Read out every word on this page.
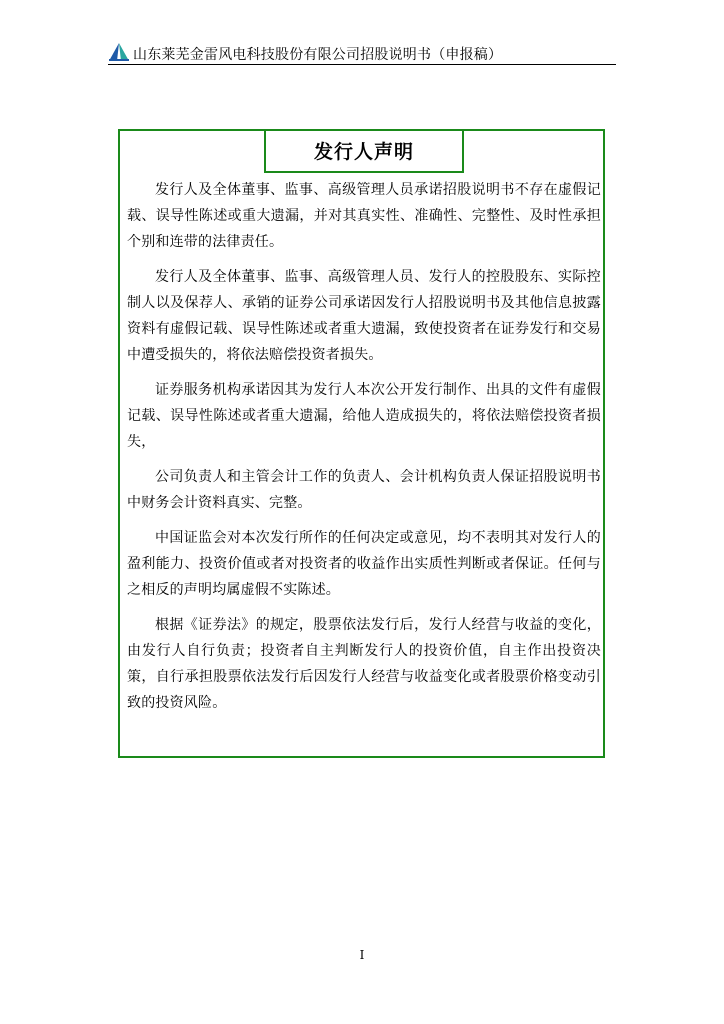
山东莱芜金雷风电科技股份有限公司招股说明书（申报稿）
发行人声明

发行人及全体董事、监事、高级管理人员承诺招股说明书不存在虚假记载、误导性陈述或重大遗漏，并对其真实性、准确性、完整性、及时性承担个别和连带的法律责任。

发行人及全体董事、监事、高级管理人员、发行人的控股股东、实际控制人以及保荐人、承销的证券公司承诺因发行人招股说明书及其他信息披露资料有虚假记载、误导性陈述或者重大遗漏，致使投资者在证券发行和交易中遭受损失的，将依法赔偿投资者损失。

证券服务机构承诺因其为发行人本次公开发行制作、出具的文件有虚假记载、误导性陈述或者重大遗漏，给他人造成损失的，将依法赔偿投资者损失，

公司负责人和主管会计工作的负责人、会计机构负责人保证招股说明书中财务会计资料真实、完整。

中国证监会对本次发行所作的任何决定或意见，均不表明其对发行人的盈利能力、投资价值或者对投资者的收益作出实质性判断或者保证。任何与之相反的声明均属虚假不实陈述。

根据《证券法》的规定，股票依法发行后，发行人经营与收益的变化，由发行人自行负责；投资者自主判断发行人的投资价值，自主作出投资决策，自行承担股票依法发行后因发行人经营与收益变化或者股票价格变动引致的投资风险。

I
